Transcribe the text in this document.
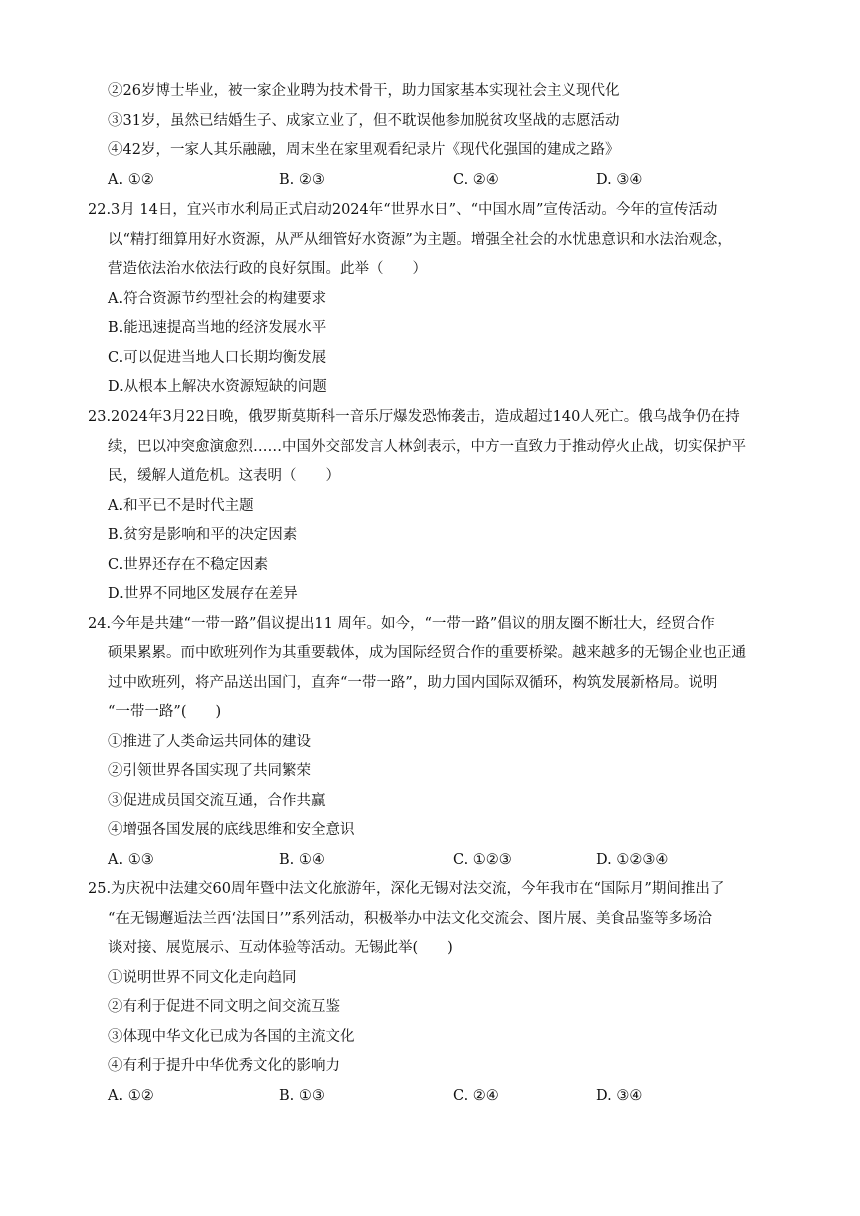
②26岁博士毕业，被一家企业聘为技术骨干，助力国家基本实现社会主义现代化
③31岁，虽然已结婚生子、成家立业了，但不耽误他参加脱贫攻坚战的志愿活动
④42岁，一家人其乐融融，周末坐在家里观看纪录片《现代化强国的建成之路》
A. ①②	B. ②③	C. ②④	D. ③④
22.3月 14日，宜兴市水利局正式启动2024年“世界水日”、“中国水周”宣传活动。今年的宣传活动
以“精打细算用好水资源，从严从细管好水资源”为主题。增强全社会的水忧患意识和水法治观念，
营造依法治水依法行政的良好氛围。此举（　　）
A.符合资源节约型社会的构建要求
B.能迅速提高当地的经济发展水平
C.可以促进当地人口长期均衡发展
D.从根本上解决水资源短缺的问题
23.2024年3月22日晚，俄罗斯莫斯科一音乐厅爆发恐怖袭击，造成超过140人死亡。俄乌战争仍在持
续，巴以冲突愈演愈烈……中国外交部发言人林剑表示，中方一直致力于推动停火止战，切实保护平
民，缓解人道危机。这表明（　　）
A.和平已不是时代主题
B.贫穷是影响和平的决定因素
C.世界还存在不稳定因素
D.世界不同地区发展存在差异
24.今年是共建“一带一路”倡议提出11 周年。如今，“一带一路”倡议的朋友圈不断壮大，经贸合作
硕果累累。而中欧班列作为其重要载体，成为国际经贸合作的重要桥梁。越来越多的无锡企业也正通
过中欧班列，将产品送出国门，直奔“一带一路”，助力国内国际双循环，构筑发展新格局。说明
“一带一路”(　　)
①推进了人类命运共同体的建设
②引领世界各国实现了共同繁荣
③促进成员国交流互通，合作共赢
④增强各国发展的底线思维和安全意识
A. ①③	B. ①④	C. ①②③	D. ①②③④
25.为庆祝中法建交60周年暨中法文化旅游年，深化无锡对法交流，今年我市在“国际月”期间推出了
“在无锡邂逅法兰西‘法国日’”系列活动，积极举办中法文化交流会、图片展、美食品鉴等多场洽
谈对接、展览展示、互动体验等活动。无锡此举(　　)
①说明世界不同文化走向趋同
②有利于促进不同文明之间交流互鉴
③体现中华文化已成为各国的主流文化
④有利于提升中华优秀文化的影响力
A. ①②	B. ①③	C. ②④	D. ③④
